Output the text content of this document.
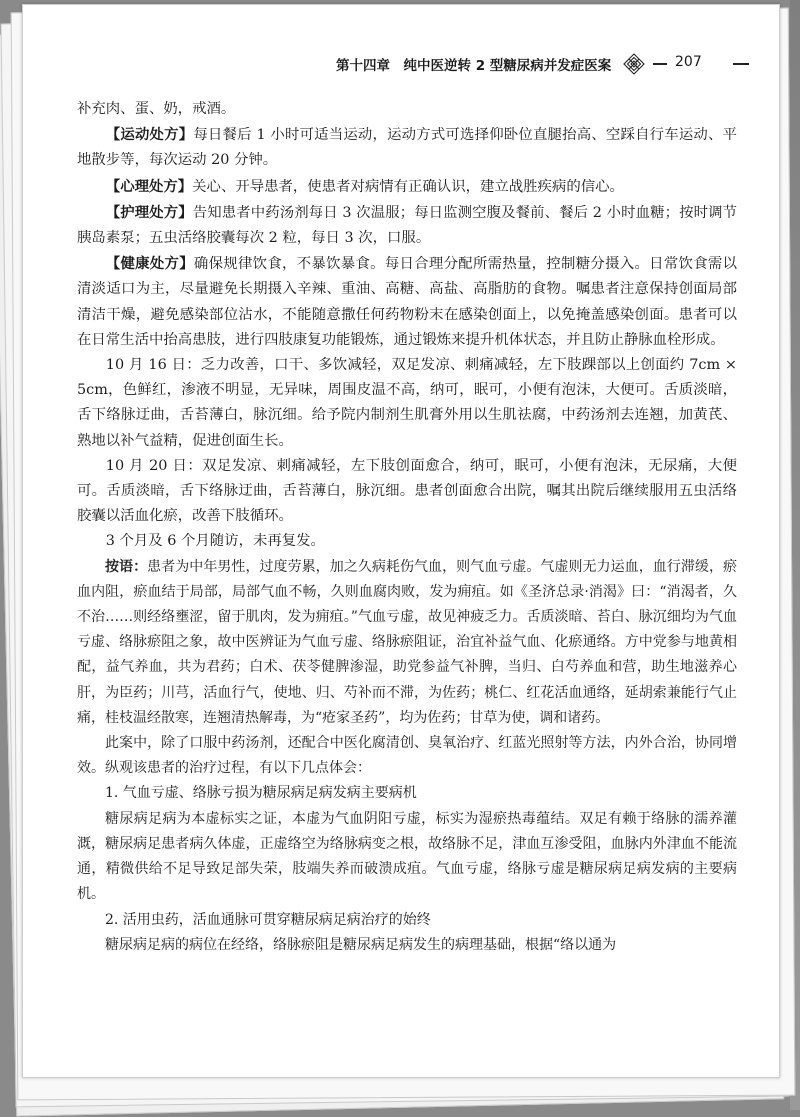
第十四章　纯中医逆转 2 型糖尿病并发症医案	207

补充肉、蛋、奶，戒酒。

【运动处方】每日餐后 1 小时可适当运动，运动方式可选择仰卧位直腿抬高、空踩自行车运动、平地散步等，每次运动 20 分钟。

【心理处方】关心、开导患者，使患者对病情有正确认识，建立战胜疾病的信心。

【护理处方】告知患者中药汤剂每日 3 次温服；每日监测空腹及餐前、餐后 2 小时血糖；按时调节胰岛素泵；五虫活络胶囊每次 2 粒，每日 3 次，口服。

【健康处方】确保规律饮食，不暴饮暴食。每日合理分配所需热量，控制糖分摄入。日常饮食需以清淡适口为主，尽量避免长期摄入辛辣、重油、高糖、高盐、高脂肪的食物。嘱患者注意保持创面局部清洁干燥，避免感染部位沾水，不能随意撒任何药物粉末在感染创面上，以免掩盖感染创面。患者可以在日常生活中抬高患肢，进行四肢康复功能锻炼，通过锻炼来提升机体状态，并且防止静脉血栓形成。

10 月 16 日：乏力改善，口干、多饮减轻，双足发凉、刺痛减轻，左下肢踝部以上创面约 7cm × 5cm，色鲜红，渗液不明显，无异味，周围皮温不高，纳可，眠可，小便有泡沫，大便可。舌质淡暗，舌下络脉迂曲，舌苔薄白，脉沉细。给予院内制剂生肌膏外用以生肌祛腐，中药汤剂去连翘，加黄芪、熟地以补气益精，促进创面生长。

10 月 20 日：双足发凉、刺痛减轻，左下肢创面愈合，纳可，眠可，小便有泡沫，无尿痛，大便可。舌质淡暗，舌下络脉迂曲，舌苔薄白，脉沉细。患者创面愈合出院，嘱其出院后继续服用五虫活络胶囊以活血化瘀，改善下肢循环。

3 个月及 6 个月随访，未再复发。

按语：患者为中年男性，过度劳累，加之久病耗伤气血，则气血亏虚。气虚则无力运血，血行滞缓，瘀血内阻，瘀血结于局部，局部气血不畅，久则血腐肉败，发为痈疽。如《圣济总录·消渴》曰：“消渴者，久不治……则经络壅涩，留于肌肉，发为痈疽。”气血亏虚，故见神疲乏力。舌质淡暗、苔白、脉沉细均为气血亏虚、络脉瘀阻之象，故中医辨证为气血亏虚、络脉瘀阻证，治宜补益气血、化瘀通络。方中党参与地黄相配，益气养血，共为君药；白术、茯苓健脾渗湿，助党参益气补脾，当归、白芍养血和营，助生地滋养心肝，为臣药；川芎，活血行气，使地、归、芍补而不滞，为佐药；桃仁、红花活血通络，延胡索兼能行气止痛，桂枝温经散寒，连翘清热解毒，为“疮家圣药”，均为佐药；甘草为使，调和诸药。

此案中，除了口服中药汤剂，还配合中医化腐清创、臭氧治疗、红蓝光照射等方法，内外合治，协同增效。纵观该患者的治疗过程，有以下几点体会：

1. 气血亏虚、络脉亏损为糖尿病足病发病主要病机

糖尿病足病为本虚标实之证，本虚为气血阴阳亏虚，标实为湿瘀热毒蕴结。双足有赖于络脉的濡养灌溉，糖尿病足患者病久体虚，正虚络空为络脉病变之根，故络脉不足，津血互渗受阻，血脉内外津血不能流通，精微供给不足导致足部失荣，肢端失养而破溃成疽。气血亏虚，络脉亏虚是糖尿病足病发病的主要病机。

2. 活用虫药，活血通脉可贯穿糖尿病足病治疗的始终

糖尿病足病的病位在经络，络脉瘀阻是糖尿病足病发生的病理基础，根据“络以通为
